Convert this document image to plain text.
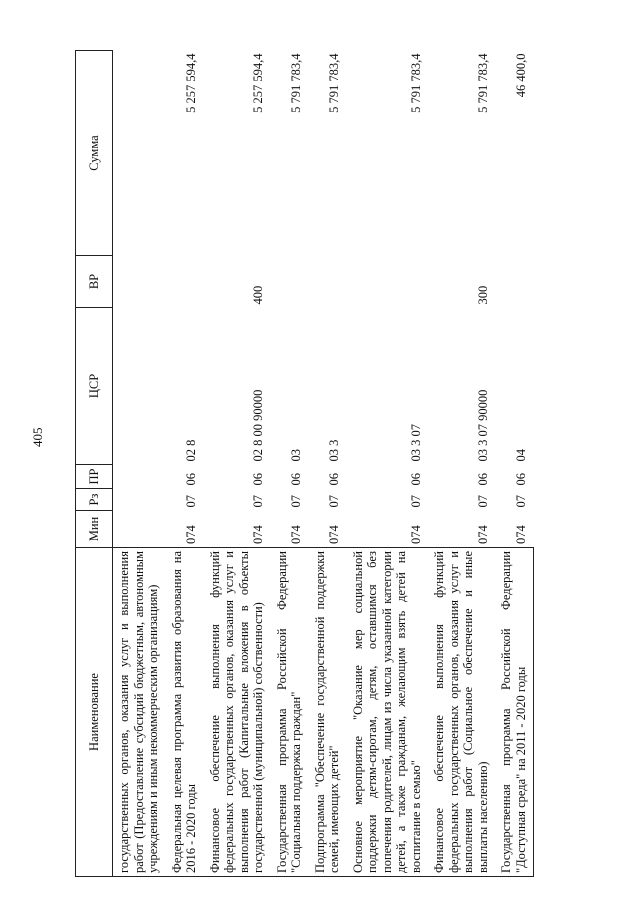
405
Наименование	Мин	Рз	ПР	ЦСР	ВР	Сумма
государственных органов, оказания услуг и выполнения работ (Предоставление субсидий бюджетным, автономным учреждениям и иным некоммерческим организациям)						
Федеральная целевая программа развития образования на 2016 - 2020 годы	074	07	06	02 8		5 257 594,4
Финансовое обеспечение выполнения функций федеральных государственных органов, оказания услуг и выполнения работ (Капитальные вложения в объекты государственной (муниципальной) собственности)	074	07	06	02 8 00 90000	400	5 257 594,4
Государственная программа Российской Федерации "Социальная поддержка граждан"	074	07	06	03		5 791 783,4
Подпрограмма "Обеспечение государственной поддержки семей, имеющих детей"	074	07	06	03 3		5 791 783,4
Основное мероприятие "Оказание мер социальной поддержки детям-сиротам, детям, оставшимся без попечения родителей, лицам из числа указанной категории детей, а также гражданам, желающим взять детей на воспитание в семью"	074	07	06	03 3 07		5 791 783,4
Финансовое обеспечение выполнения функций федеральных государственных органов, оказания услуг и выполнения работ (Социальное обеспечение и иные выплаты населению)	074	07	06	03 3 07 90000	300	5 791 783,4
Государственная программа Российской Федерации "Доступная среда" на 2011 - 2020 годы	074	07	06	04		46 400,0
